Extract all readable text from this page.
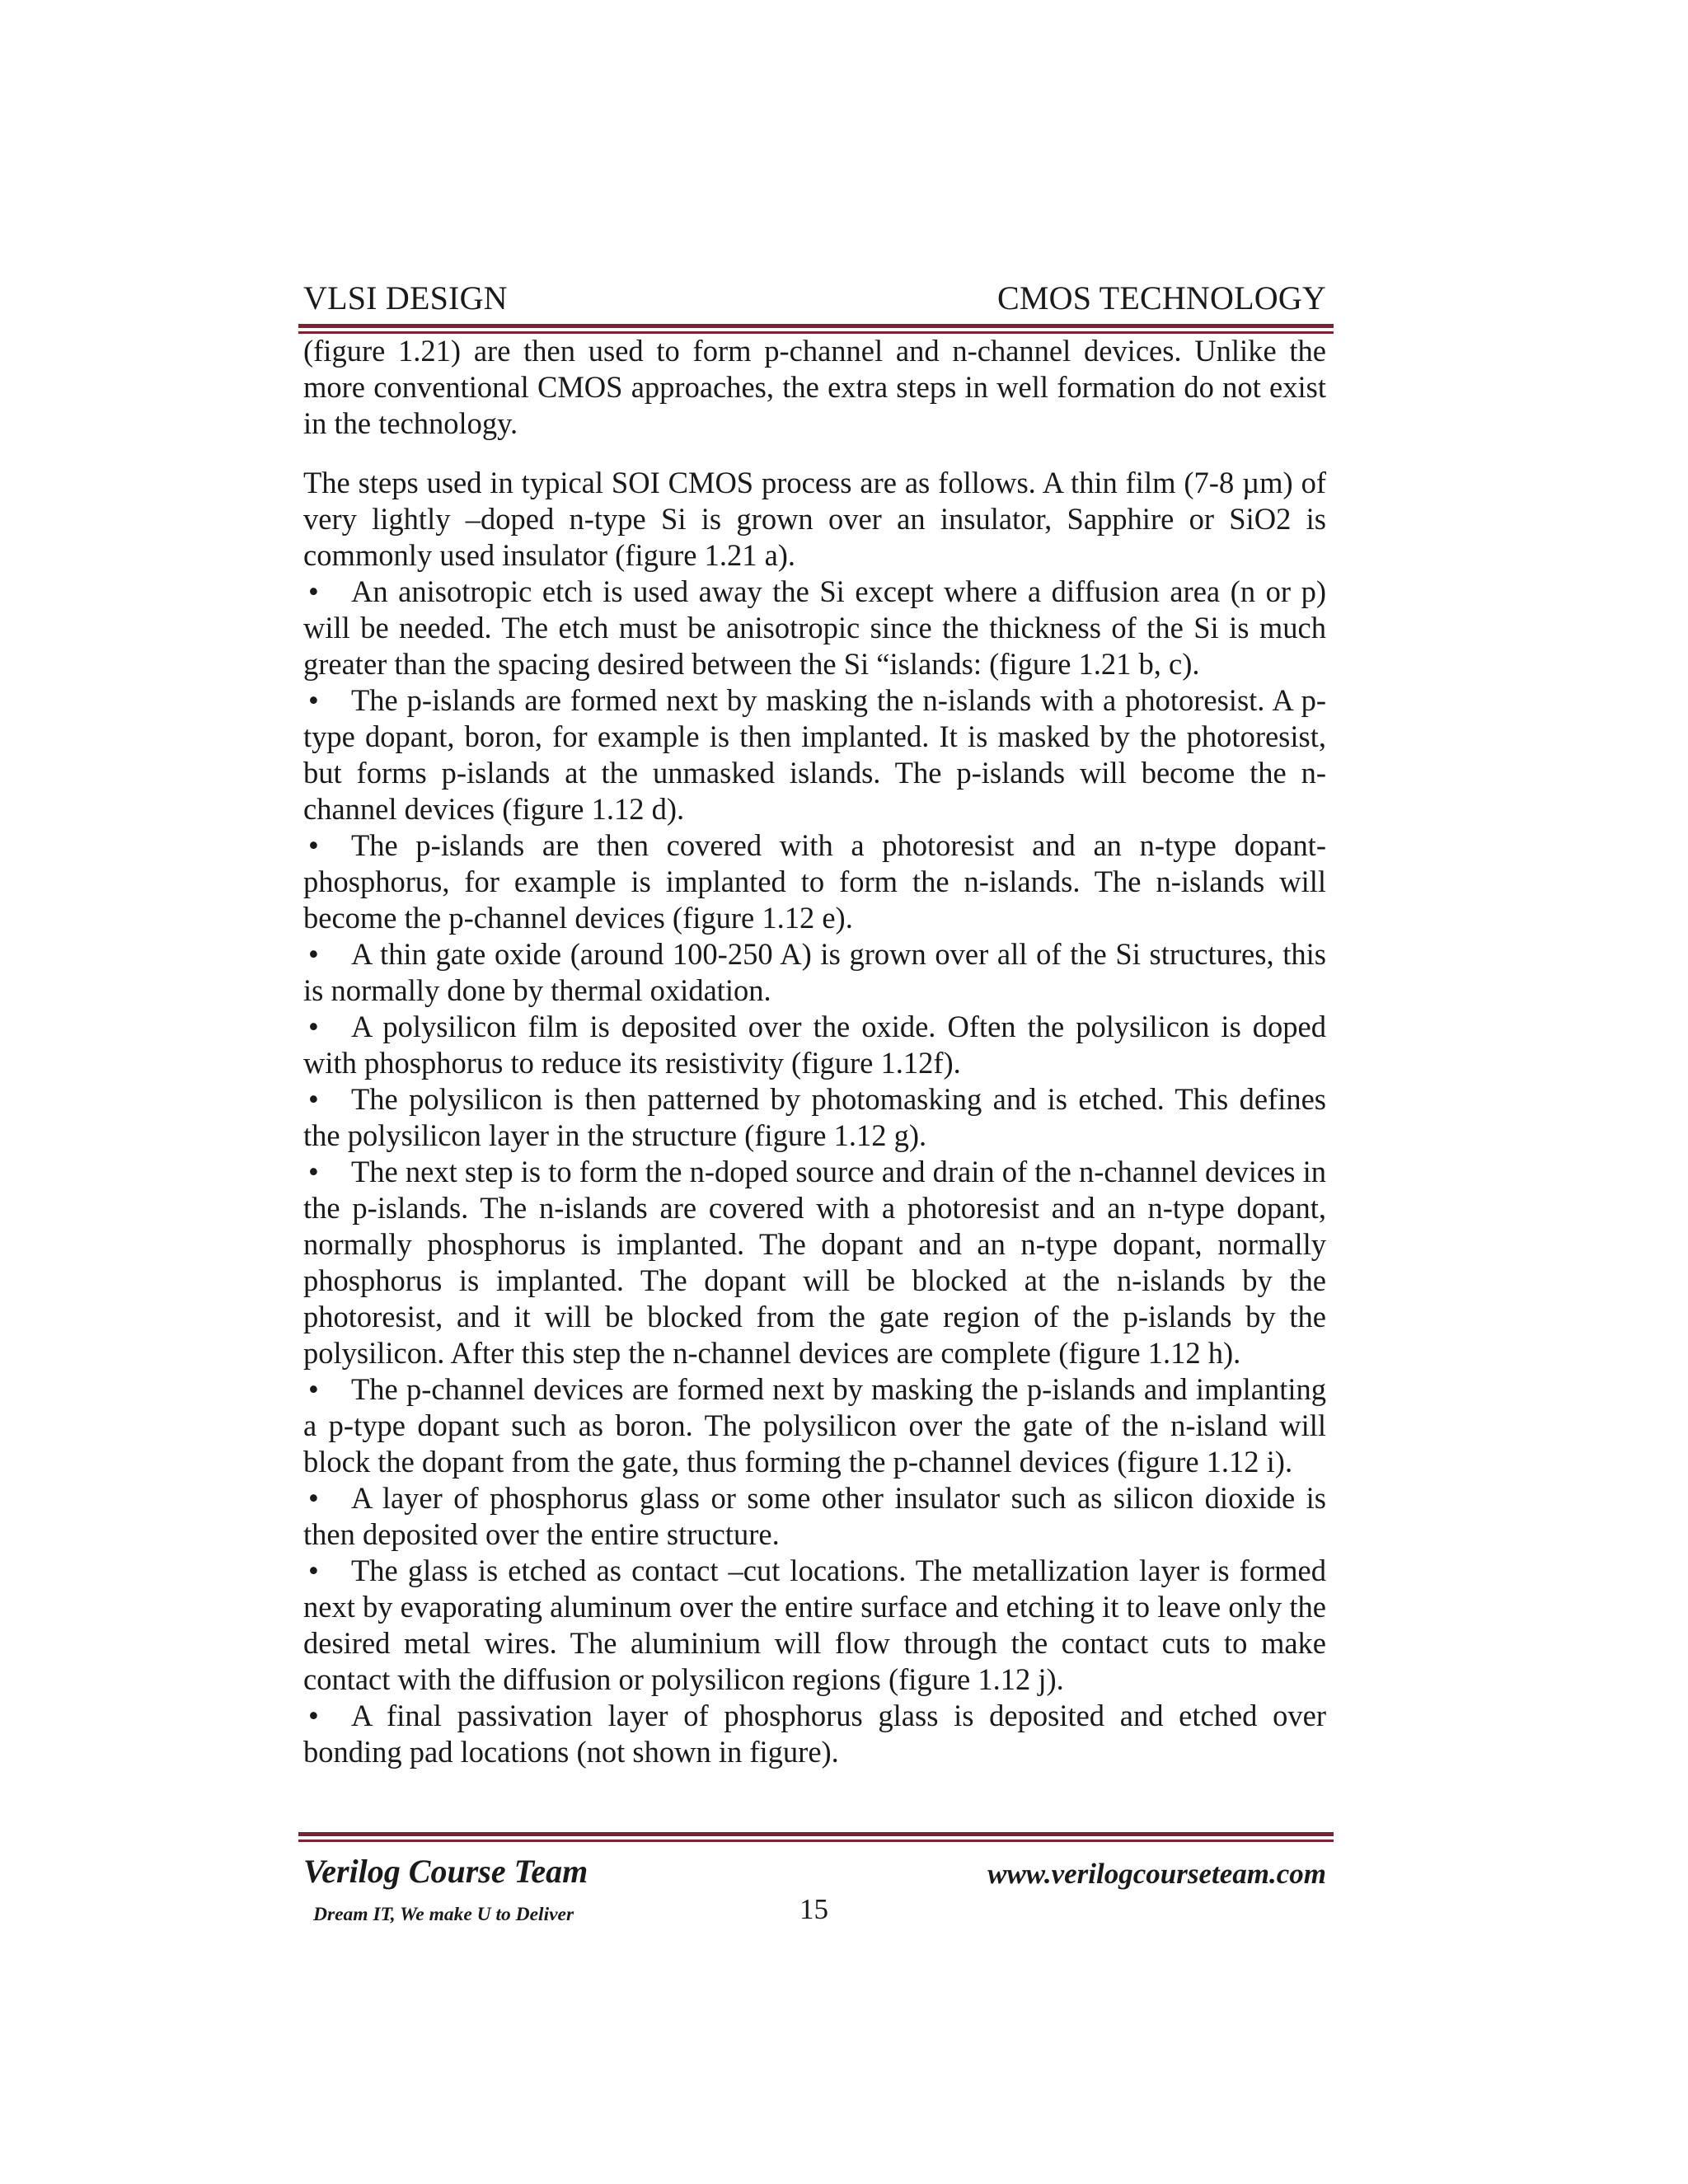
VLSI DESIGN	CMOS TECHNOLOGY

(figure 1.21) are then used to form p-channel and n-channel devices. Unlike the more conventional CMOS approaches, the extra steps in well formation do not exist in the technology.

The steps used in typical SOI CMOS process are as follows. A thin film (7-8 µm) of very lightly –doped n-type Si is grown over an insulator, Sapphire or SiO2 is commonly used insulator (figure 1.21 a).

• An anisotropic etch is used away the Si except where a diffusion area (n or p) will be needed. The etch must be anisotropic since the thickness of the Si is much greater than the spacing desired between the Si “islands: (figure 1.21 b, c).

• The p-islands are formed next by masking the n-islands with a photoresist. A p-type dopant, boron, for example is then implanted. It is masked by the photoresist, but forms p-islands at the unmasked islands. The p-islands will become the n-channel devices (figure 1.12 d).

• The p-islands are then covered with a photoresist and an n-type dopant-phosphorus, for example is implanted to form the n-islands. The n-islands will become the p-channel devices (figure 1.12 e).

• A thin gate oxide (around 100-250 A) is grown over all of the Si structures, this is normally done by thermal oxidation.

• A polysilicon film is deposited over the oxide. Often the polysilicon is doped with phosphorus to reduce its resistivity (figure 1.12f).

• The polysilicon is then patterned by photomasking and is etched. This defines the polysilicon layer in the structure (figure 1.12 g).

• The next step is to form the n-doped source and drain of the n-channel devices in the p-islands. The n-islands are covered with a photoresist and an n-type dopant, normally phosphorus is implanted. The dopant and an n-type dopant, normally phosphorus is implanted. The dopant will be blocked at the n-islands by the photoresist, and it will be blocked from the gate region of the p-islands by the polysilicon. After this step the n-channel devices are complete (figure 1.12 h).

• The p-channel devices are formed next by masking the p-islands and implanting a p-type dopant such as boron. The polysilicon over the gate of the n-island will block the dopant from the gate, thus forming the p-channel devices (figure 1.12 i).

• A layer of phosphorus glass or some other insulator such as silicon dioxide is then deposited over the entire structure.

• The glass is etched as contact –cut locations. The metallization layer is formed next by evaporating aluminum over the entire surface and etching it to leave only the desired metal wires. The aluminium will flow through the contact cuts to make contact with the diffusion or polysilicon regions (figure 1.12 j).

• A final passivation layer of phosphorus glass is deposited and etched over bonding pad locations (not shown in figure).

Verilog Course Team	www.verilogcourseteam.com
Dream IT, We make U to Deliver	15
